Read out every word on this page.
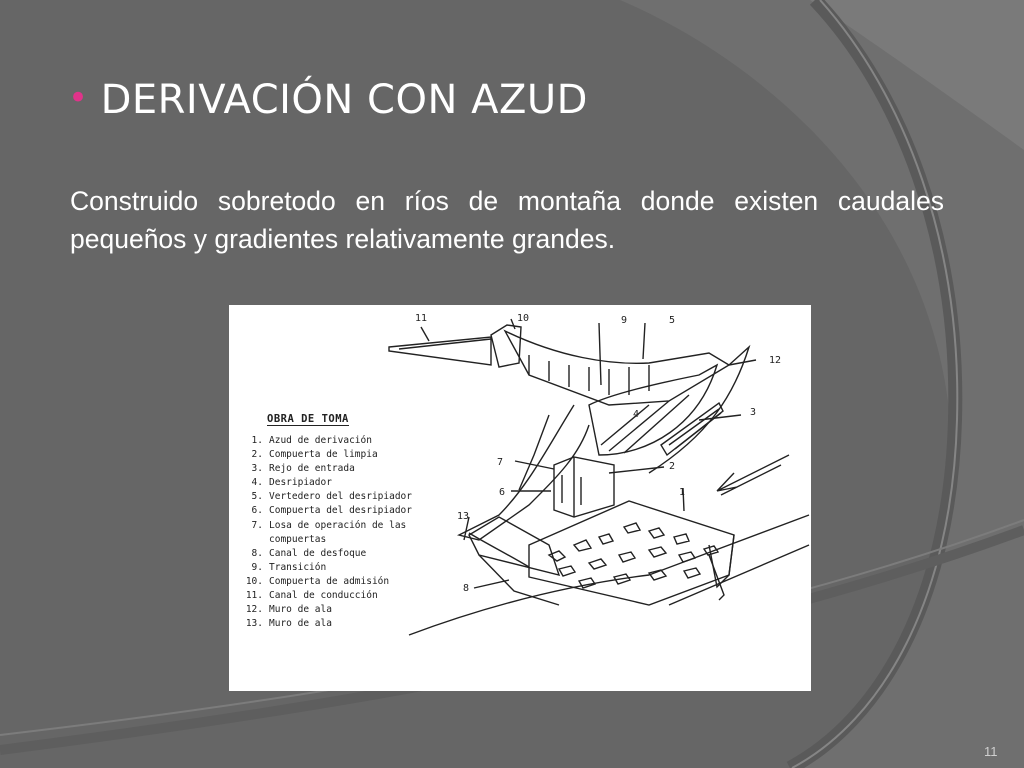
• DERIVACIÓN CON AZUD
Construido sobretodo en ríos de montaña donde existen caudales pequeños y gradientes relativamente grandes.
11	10	9	5
12
3
4
7	2
6	1
13
8
OBRA DE TOMA
1. Azud de derivación
2. Compuerta de limpia
3. Rejo de entrada
4. Desripiador
5. Vertedero del desripiador
6. Compuerta del desripiador
7. Losa de operación de las
compuertas
8. Canal de desfoque
9. Transición
10. Compuerta de admisión
11. Canal de conducción
12. Muro de ala
13. Muro de ala
11
